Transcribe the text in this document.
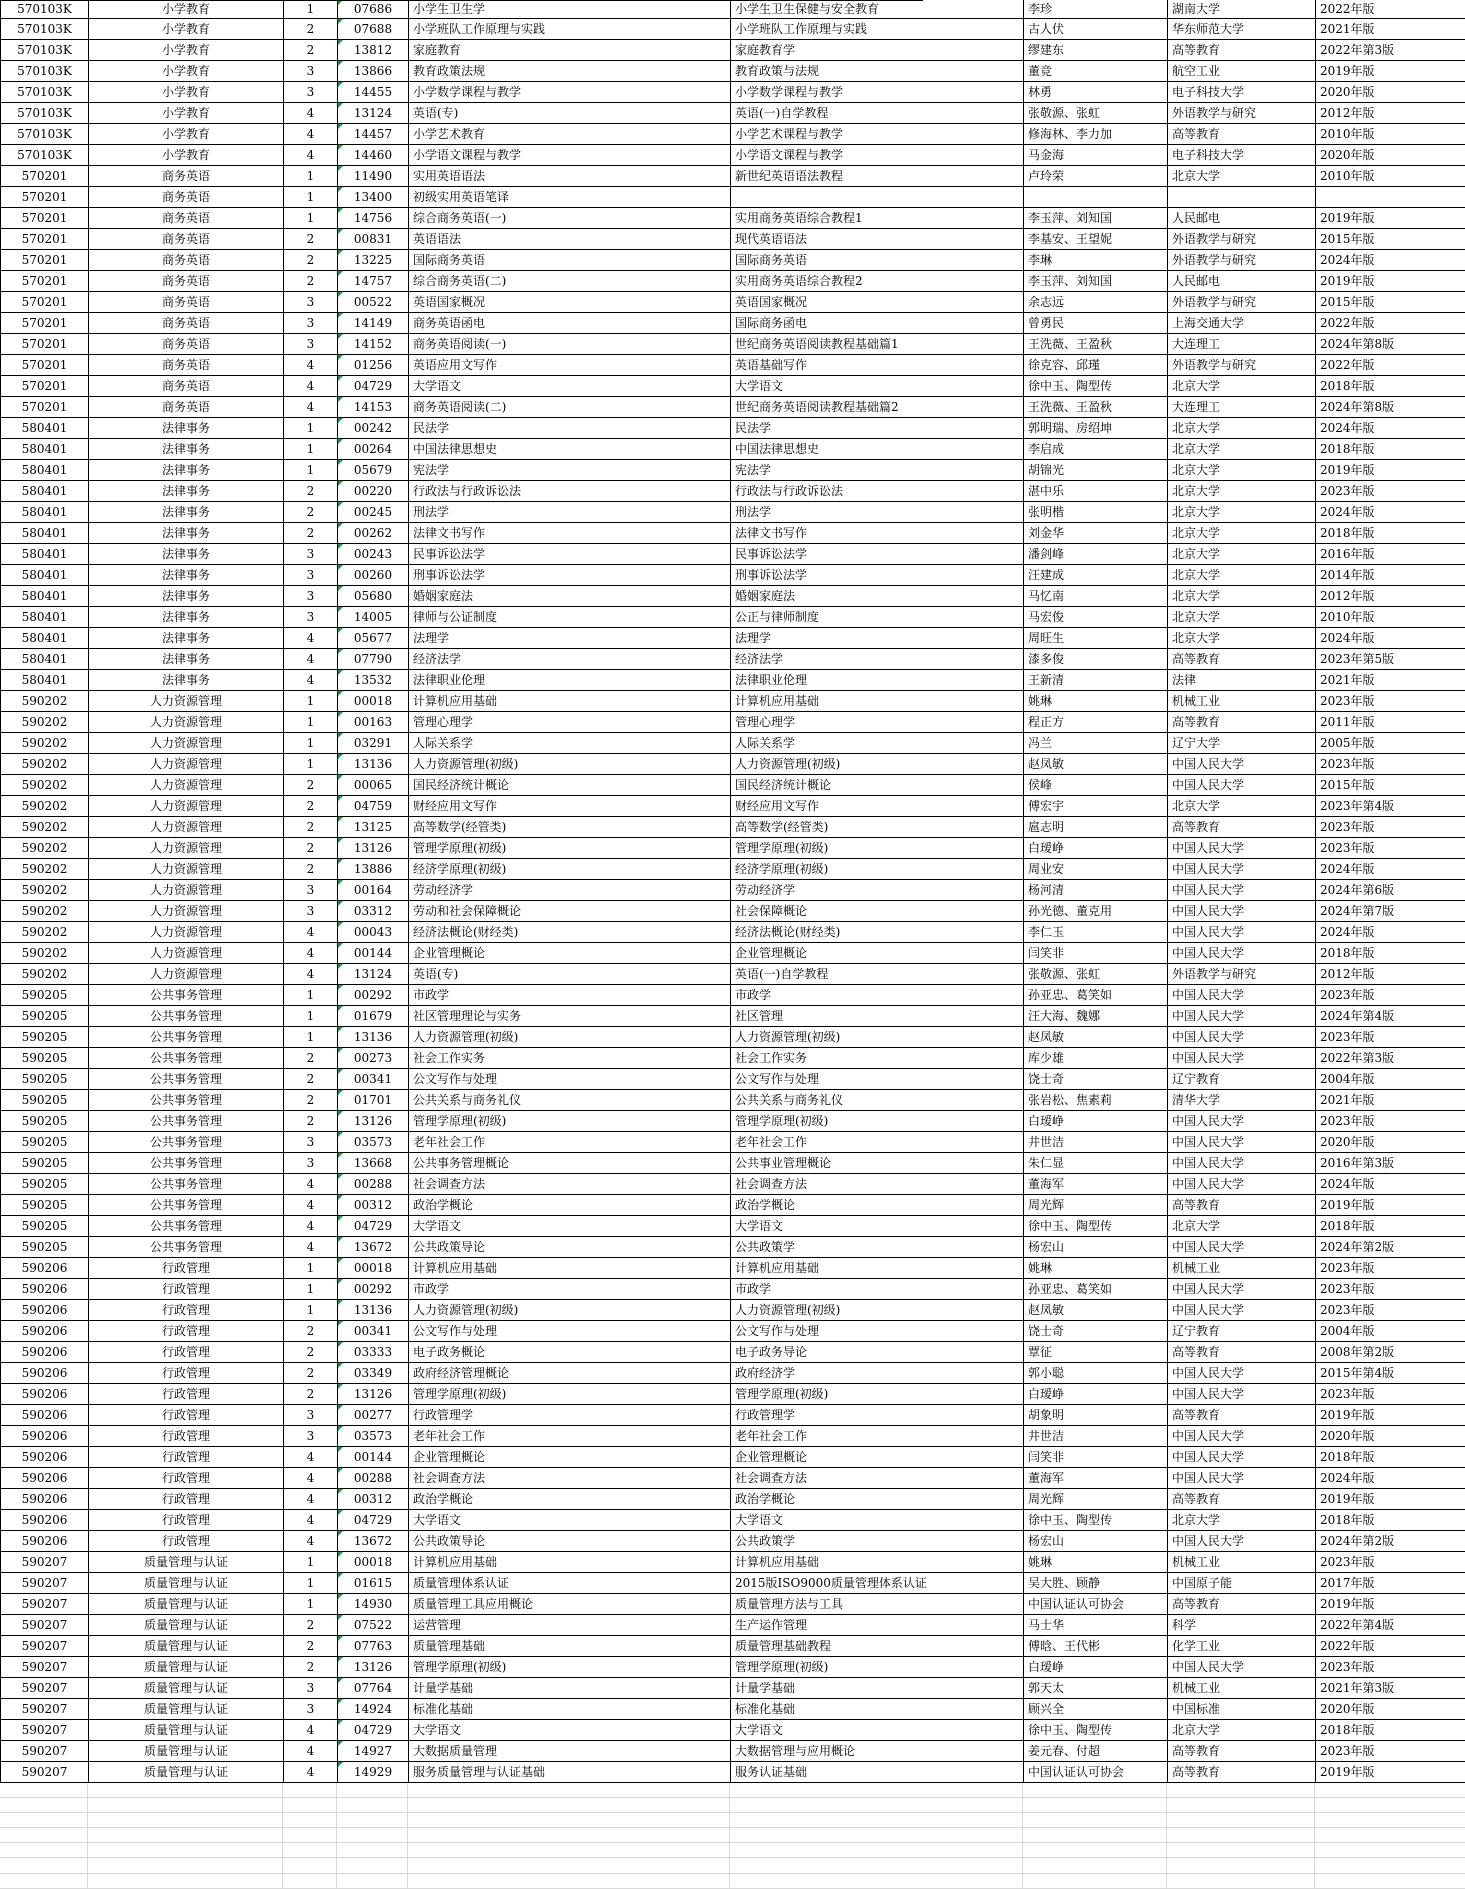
570103K	小学教育	1	07686	小学生卫生学	小学生卫生保健与安全教育	李珍	湖南大学	2022年版
570103K	小学教育	2	07688	小学班队工作原理与实践	小学班队工作原理与实践	古人伏	华东师范大学	2021年版
570103K	小学教育	2	13812	家庭教育	家庭教育学	缪建东	高等教育	2022年第3版
570103K	小学教育	3	13866	教育政策法规	教育政策与法规	董竞	航空工业	2019年版
570103K	小学教育	3	14455	小学数学课程与教学	小学数学课程与教学	林勇	电子科技大学	2020年版
570103K	小学教育	4	13124	英语(专)	英语(一)自学教程	张敬源、张虹	外语教学与研究	2012年版
570103K	小学教育	4	14457	小学艺术教育	小学艺术课程与教学	修海林、李力加	高等教育	2010年版
570103K	小学教育	4	14460	小学语文课程与教学	小学语文课程与教学	马金海	电子科技大学	2020年版
570201	商务英语	1	11490	实用英语语法	新世纪英语语法教程	卢玲荣	北京大学	2010年版
570201	商务英语	1	13400	初级实用英语笔译
570201	商务英语	1	14756	综合商务英语(一)	实用商务英语综合教程1	李玉萍、刘知国	人民邮电	2019年版
570201	商务英语	2	00831	英语语法	现代英语语法	李基安、王望妮	外语教学与研究	2015年版
570201	商务英语	2	13225	国际商务英语	国际商务英语	李琳	外语教学与研究	2024年版
570201	商务英语	2	14757	综合商务英语(二)	实用商务英语综合教程2	李玉萍、刘知国	人民邮电	2019年版
570201	商务英语	3	00522	英语国家概况	英语国家概况	余志远	外语教学与研究	2015年版
570201	商务英语	3	14149	商务英语函电	国际商务函电	曾勇民	上海交通大学	2022年版
570201	商务英语	3	14152	商务英语阅读(一)	世纪商务英语阅读教程基础篇1	王洗薇、王盈秋	大连理工	2024年第8版
570201	商务英语	4	01256	英语应用文写作	英语基础写作	徐克容、邱瑾	外语教学与研究	2022年版
570201	商务英语	4	04729	大学语文	大学语文	徐中玉、陶型传	北京大学	2018年版
570201	商务英语	4	14153	商务英语阅读(二)	世纪商务英语阅读教程基础篇2	王洗薇、王盈秋	大连理工	2024年第8版
580401	法律事务	1	00242	民法学	民法学	郭明瑞、房绍坤	北京大学	2024年版
580401	法律事务	1	00264	中国法律思想史	中国法律思想史	李启成	北京大学	2018年版
580401	法律事务	1	05679	宪法学	宪法学	胡锦光	北京大学	2019年版
580401	法律事务	2	00220	行政法与行政诉讼法	行政法与行政诉讼法	湛中乐	北京大学	2023年版
580401	法律事务	2	00245	刑法学	刑法学	张明楷	北京大学	2024年版
580401	法律事务	2	00262	法律文书写作	法律文书写作	刘金华	北京大学	2018年版
580401	法律事务	3	00243	民事诉讼法学	民事诉讼法学	潘剑峰	北京大学	2016年版
580401	法律事务	3	00260	刑事诉讼法学	刑事诉讼法学	汪建成	北京大学	2014年版
580401	法律事务	3	05680	婚姻家庭法	婚姻家庭法	马忆南	北京大学	2012年版
580401	法律事务	3	14005	律师与公证制度	公正与律师制度	马宏俊	北京大学	2010年版
580401	法律事务	4	05677	法理学	法理学	周旺生	北京大学	2024年版
580401	法律事务	4	07790	经济法学	经济法学	漆多俊	高等教育	2023年第5版
580401	法律事务	4	13532	法律职业伦理	法律职业伦理	王新清	法律	2021年版
590202	人力资源管理	1	00018	计算机应用基础	计算机应用基础	姚琳	机械工业	2023年版
590202	人力资源管理	1	00163	管理心理学	管理心理学	程正方	高等教育	2011年版
590202	人力资源管理	1	03291	人际关系学	人际关系学	冯兰	辽宁大学	2005年版
590202	人力资源管理	1	13136	人力资源管理(初级)	人力资源管理(初级)	赵凤敏	中国人民大学	2023年版
590202	人力资源管理	2	00065	国民经济统计概论	国民经济统计概论	侯峰	中国人民大学	2015年版
590202	人力资源管理	2	04759	财经应用文写作	财经应用文写作	傅宏宇	北京大学	2023年第4版
590202	人力资源管理	2	13125	高等数学(经管类)	高等数学(经管类)	扈志明	高等教育	2023年版
590202	人力资源管理	2	13126	管理学原理(初级)	管理学原理(初级)	白瑷峥	中国人民大学	2023年版
590202	人力资源管理	2	13886	经济学原理(初级)	经济学原理(初级)	周业安	中国人民大学	2024年版
590202	人力资源管理	3	00164	劳动经济学	劳动经济学	杨河清	中国人民大学	2024年第6版
590202	人力资源管理	3	03312	劳动和社会保障概论	社会保障概论	孙光德、董克用	中国人民大学	2024年第7版
590202	人力资源管理	4	00043	经济法概论(财经类)	经济法概论(财经类)	李仁玉	中国人民大学	2024年版
590202	人力资源管理	4	00144	企业管理概论	企业管理概论	闫笑非	中国人民大学	2018年版
590202	人力资源管理	4	13124	英语(专)	英语(一)自学教程	张敬源、张虹	外语教学与研究	2012年版
590205	公共事务管理	1	00292	市政学	市政学	孙亚忠、葛笑如	中国人民大学	2023年版
590205	公共事务管理	1	01679	社区管理理论与实务	社区管理	汪大海、魏娜	中国人民大学	2024年第4版
590205	公共事务管理	1	13136	人力资源管理(初级)	人力资源管理(初级)	赵凤敏	中国人民大学	2023年版
590205	公共事务管理	2	00273	社会工作实务	社会工作实务	库少雄	中国人民大学	2022年第3版
590205	公共事务管理	2	00341	公文写作与处理	公文写作与处理	饶士奇	辽宁教育	2004年版
590205	公共事务管理	2	01701	公共关系与商务礼仪	公共关系与商务礼仪	张岩松、焦素莉	清华大学	2021年版
590205	公共事务管理	2	13126	管理学原理(初级)	管理学原理(初级)	白瑷峥	中国人民大学	2023年版
590205	公共事务管理	3	03573	老年社会工作	老年社会工作	井世洁	中国人民大学	2020年版
590205	公共事务管理	3	13668	公共事务管理概论	公共事业管理概论	朱仁显	中国人民大学	2016年第3版
590205	公共事务管理	4	00288	社会调查方法	社会调查方法	董海军	中国人民大学	2024年版
590205	公共事务管理	4	00312	政治学概论	政治学概论	周光辉	高等教育	2019年版
590205	公共事务管理	4	04729	大学语文	大学语文	徐中玉、陶型传	北京大学	2018年版
590205	公共事务管理	4	13672	公共政策导论	公共政策学	杨宏山	中国人民大学	2024年第2版
590206	行政管理	1	00018	计算机应用基础	计算机应用基础	姚琳	机械工业	2023年版
590206	行政管理	1	00292	市政学	市政学	孙亚忠、葛笑如	中国人民大学	2023年版
590206	行政管理	1	13136	人力资源管理(初级)	人力资源管理(初级)	赵凤敏	中国人民大学	2023年版
590206	行政管理	2	00341	公文写作与处理	公文写作与处理	饶士奇	辽宁教育	2004年版
590206	行政管理	2	03333	电子政务概论	电子政务导论	覃征	高等教育	2008年第2版
590206	行政管理	2	03349	政府经济管理概论	政府经济学	郭小聪	中国人民大学	2015年第4版
590206	行政管理	2	13126	管理学原理(初级)	管理学原理(初级)	白瑷峥	中国人民大学	2023年版
590206	行政管理	3	00277	行政管理学	行政管理学	胡象明	高等教育	2019年版
590206	行政管理	3	03573	老年社会工作	老年社会工作	井世洁	中国人民大学	2020年版
590206	行政管理	4	00144	企业管理概论	企业管理概论	闫笑非	中国人民大学	2018年版
590206	行政管理	4	00288	社会调查方法	社会调查方法	董海军	中国人民大学	2024年版
590206	行政管理	4	00312	政治学概论	政治学概论	周光辉	高等教育	2019年版
590206	行政管理	4	04729	大学语文	大学语文	徐中玉、陶型传	北京大学	2018年版
590206	行政管理	4	13672	公共政策导论	公共政策学	杨宏山	中国人民大学	2024年第2版
590207	质量管理与认证	1	00018	计算机应用基础	计算机应用基础	姚琳	机械工业	2023年版
590207	质量管理与认证	1	01615	质量管理体系认证	2015版ISO9000质量管理体系认证	吴大胜、顾静	中国原子能	2017年版
590207	质量管理与认证	1	14930	质量管理工具应用概论	质量管理方法与工具	中国认证认可协会	高等教育	2019年版
590207	质量管理与认证	2	07522	运营管理	生产运作管理	马士华	科学	2022年第4版
590207	质量管理与认证	2	07763	质量管理基础	质量管理基础教程	傅晗、王代彬	化学工业	2022年版
590207	质量管理与认证	2	13126	管理学原理(初级)	管理学原理(初级)	白瑷峥	中国人民大学	2023年版
590207	质量管理与认证	3	07764	计量学基础	计量学基础	郭天太	机械工业	2021年第3版
590207	质量管理与认证	3	14924	标准化基础	标准化基础	顾兴全	中国标准	2020年版
590207	质量管理与认证	4	04729	大学语文	大学语文	徐中玉、陶型传	北京大学	2018年版
590207	质量管理与认证	4	14927	大数据质量管理	大数据管理与应用概论	姜元春、付超	高等教育	2023年版
590207	质量管理与认证	4	14929	服务质量管理与认证基础	服务认证基础	中国认证认可协会	高等教育	2019年版
